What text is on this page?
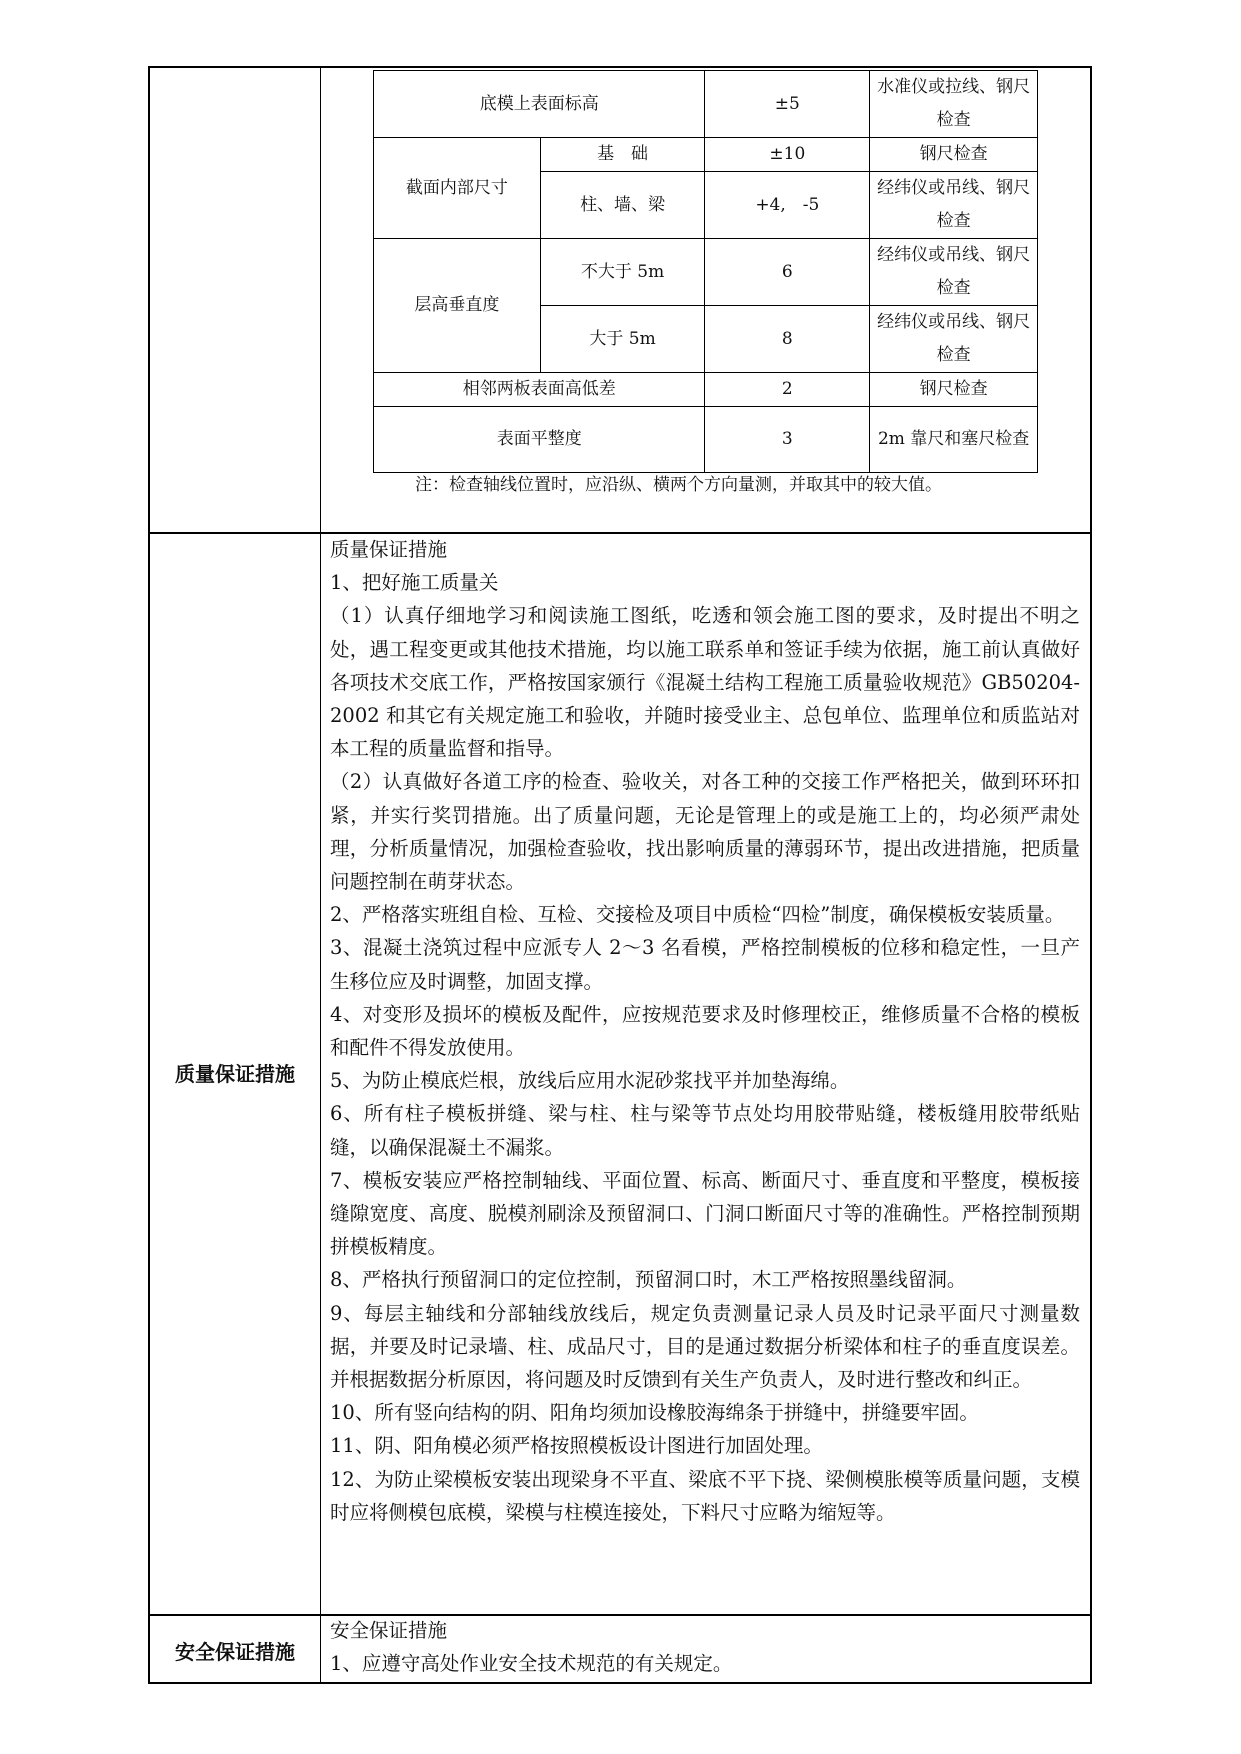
质量保证措施
安全保证措施
底模上表面标高		±5	水准仪或拉线、钢尺检查
截面内部尺寸	基　础	±10	钢尺检查
	柱、墙、梁	+4,　-5	经纬仪或吊线、钢尺检查
层高垂直度	不大于 5m	6	经纬仪或吊线、钢尺检查
	大于 5m	8	经纬仪或吊线、钢尺检查
相邻两板表面高低差		2	钢尺检查
表面平整度		3	2m 靠尺和塞尺检查
注：检查轴线位置时，应沿纵、横两个方向量测，并取其中的较大值。

质量保证措施

1、把好施工质量关

（1）认真仔细地学习和阅读施工图纸，吃透和领会施工图的要求，及时提出不明之处，遇工程变更或其他技术措施，均以施工联系单和签证手续为依据，施工前认真做好各项技术交底工作，严格按国家颁行《混凝土结构工程施工质量验收规范》GB50204-2002 和其它有关规定施工和验收，并随时接受业主、总包单位、监理单位和质监站对本工程的质量监督和指导。

（2）认真做好各道工序的检查、验收关，对各工种的交接工作严格把关，做到环环扣紧，并实行奖罚措施。出了质量问题，无论是管理上的或是施工上的，均必须严肃处理，分析质量情况，加强检查验收，找出影响质量的薄弱环节，提出改进措施，把质量问题控制在萌芽状态。

2、严格落实班组自检、互检、交接检及项目中质检“四检”制度，确保模板安装质量。

3、混凝土浇筑过程中应派专人 2～3 名看模，严格控制模板的位移和稳定性，一旦产生移位应及时调整，加固支撑。

4、对变形及损坏的模板及配件，应按规范要求及时修理校正，维修质量不合格的模板和配件不得发放使用。

5、为防止模底烂根，放线后应用水泥砂浆找平并加垫海绵。

6、所有柱子模板拼缝、梁与柱、柱与梁等节点处均用胶带贴缝，楼板缝用胶带纸贴缝，以确保混凝土不漏浆。

7、模板安装应严格控制轴线、平面位置、标高、断面尺寸、垂直度和平整度，模板接缝隙宽度、高度、脱模剂刷涂及预留洞口、门洞口断面尺寸等的准确性。严格控制预期拼模板精度。

8、严格执行预留洞口的定位控制，预留洞口时，木工严格按照墨线留洞。

9、每层主轴线和分部轴线放线后，规定负责测量记录人员及时记录平面尺寸测量数据，并要及时记录墙、柱、成品尺寸，目的是通过数据分析梁体和柱子的垂直度误差。并根据数据分析原因，将问题及时反馈到有关生产负责人，及时进行整改和纠正。

10、所有竖向结构的阴、阳角均须加设橡胶海绵条于拼缝中，拼缝要牢固。

11、阴、阳角模必须严格按照模板设计图进行加固处理。

12、为防止梁模板安装出现梁身不平直、梁底不平下挠、梁侧模胀模等质量问题，支模时应将侧模包底模，梁模与柱模连接处，下料尺寸应略为缩短等。

安全保证措施

1、应遵守高处作业安全技术规范的有关规定。
